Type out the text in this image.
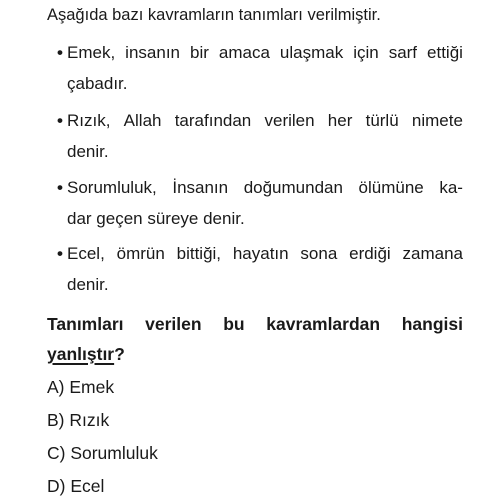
Aşağıda bazı kavramların tanımları verilmiştir.
• Emek, insanın bir amaca ulaşmak için sarf ettiği
çabadır.
• Rızık, Allah tarafından verilen her türlü nimete
denir.
• Sorumluluk, İnsanın doğumundan ölümüne ka-
dar geçen süreye denir.
• Ecel, ömrün bittiği, hayatın sona erdiği zamana
denir.
Tanımları verilen bu kavramlardan hangisi
yanlıştır?
A) Emek
B) Rızık
C) Sorumluluk
D) Ecel
